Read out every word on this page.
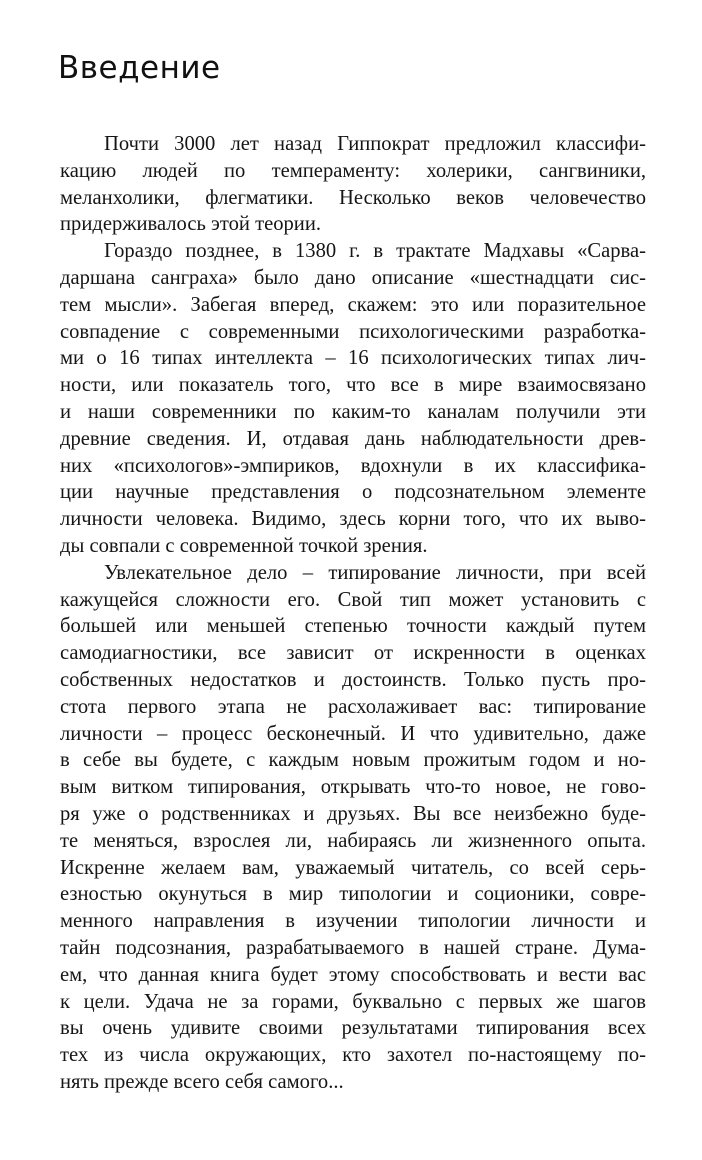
Введение
Почти 3000 лет назад Гиппократ предложил классифи-
кацию людей по темпераменту: холерики, сангвиники,
меланхолики, флегматики. Несколько веков человечество
придерживалось этой теории.
Гораздо позднее, в 1380 г. в трактате Мадхавы «Сарва-
даршана санграха» было дано описание «шестнадцати сис-
тем мысли». Забегая вперед, скажем: это или поразительное
совпадение с современными психологическими разработка-
ми о 16 типах интеллекта – 16 психологических типах лич-
ности, или показатель того, что все в мире взаимосвязано
и наши современники по каким-то каналам получили эти
древние сведения. И, отдавая дань наблюдательности древ-
них «психологов»-эмпириков, вдохнули в их классифика-
ции научные представления о подсознательном элементе
личности человека. Видимо, здесь корни того, что их выво-
ды совпали с современной точкой зрения.
Увлекательное дело – типирование личности, при всей
кажущейся сложности его. Свой тип может установить с
большей или меньшей степенью точности каждый путем
самодиагностики, все зависит от искренности в оценках
собственных недостатков и достоинств. Только пусть про-
стота первого этапа не расхолаживает вас: типирование
личности – процесс бесконечный. И что удивительно, даже
в себе вы будете, с каждым новым прожитым годом и но-
вым витком типирования, открывать что-то новое, не гово-
ря уже о родственниках и друзьях. Вы все неизбежно буде-
те меняться, взрослея ли, набираясь ли жизненного опыта.
Искренне желаем вам, уважаемый читатель, со всей серь-
езностью окунуться в мир типологии и соционики, совре-
менного направления в изучении типологии личности и
тайн подсознания, разрабатываемого в нашей стране. Дума-
ем, что данная книга будет этому способствовать и вести вас
к цели. Удача не за горами, буквально с первых же шагов
вы очень удивите своими результатами типирования всех
тех из числа окружающих, кто захотел по-настоящему по-
нять прежде всего себя самого...
